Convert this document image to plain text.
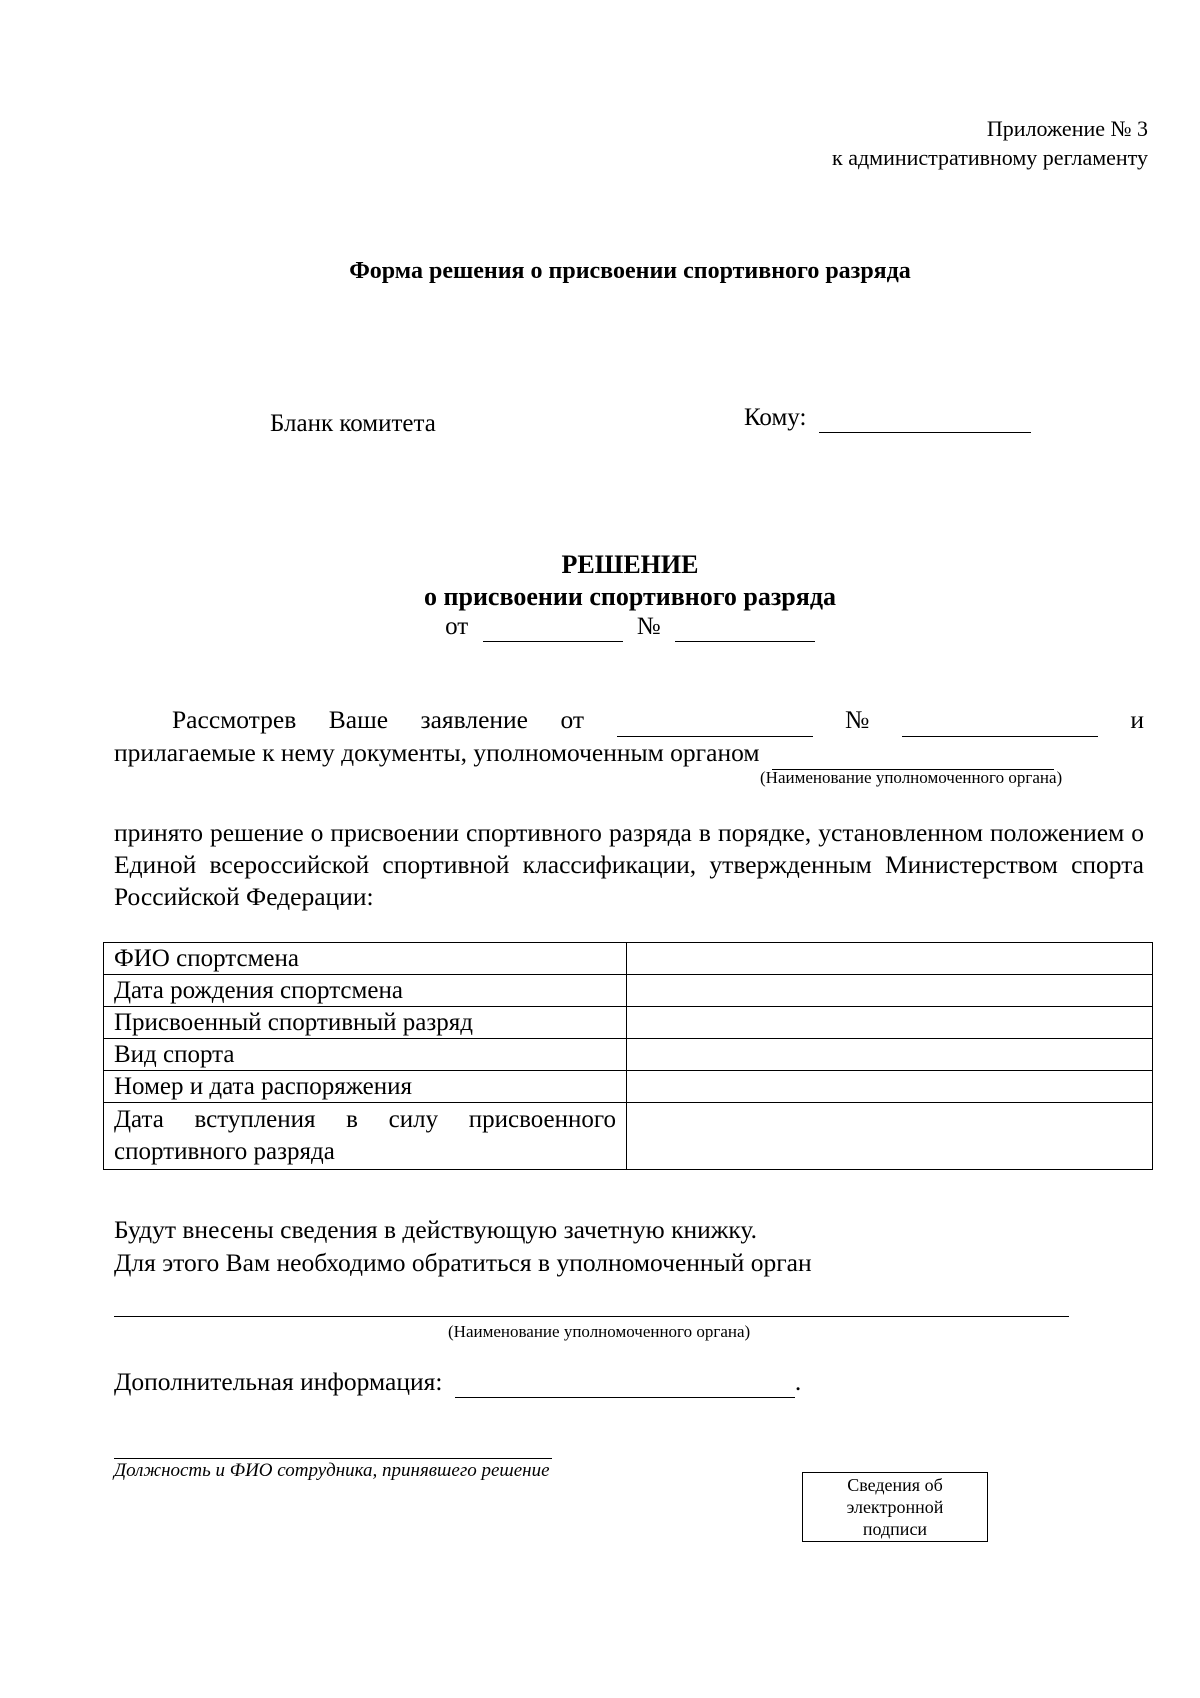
Приложение № 3
к административному регламенту
Форма решения о присвоении спортивного разряда
Бланк комитета	Кому:
РЕШЕНИЕ
о присвоении спортивного разряда
от	№
Рассмотрев Ваше заявление от
	№
	и
прилагаемые к нему документы, уполномоченным органом
(Наименование уполномоченного органа)
принято решение о присвоении спортивного разряда в порядке, установленном положением о Единой всероссийской спортивной классификации, утвержденным Министерством спорта Российской Федерации:
ФИО спортсмена	
Дата рождения спортсмена	
Присвоенный спортивный разряд	
Вид спорта	
Номер и дата распоряжения	
Дата вступления в силу присвоенного спортивного разряда	
Будут внесены сведения в действующую зачетную книжку.
Для этого Вам необходимо обратиться в уполномоченный орган
(Наименование уполномоченного органа)
Дополнительная информация:	.
Должность и ФИО сотрудника, принявшего решение
Сведения об
электронной
подписи
